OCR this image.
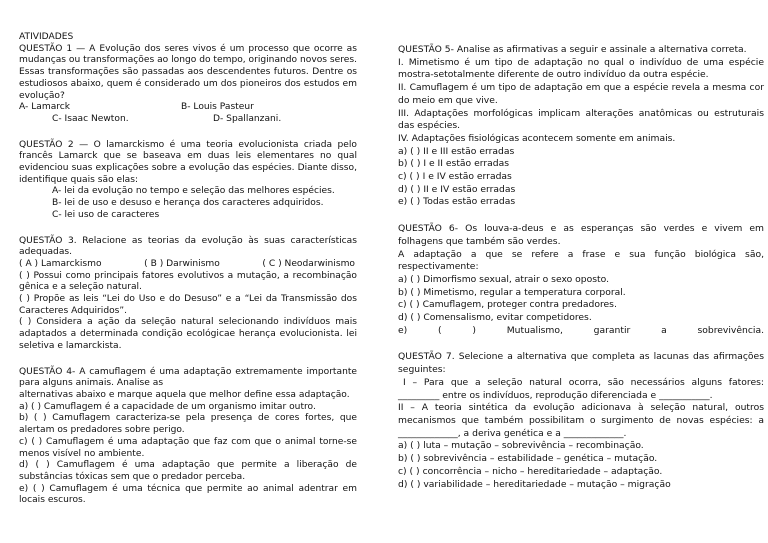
ATIVIDADES

QUESTÃO 1 — A Evolução dos seres vivos é um processo que ocorre as mudanças ou transformações ao longo do tempo, originando novos seres. Essas transformações são passadas aos descendentes futuros. Dentre os estudiosos abaixo, quem é considerado um dos pioneiros dos estudos em evolução?

A- Lamarck	B- Louis Pasteur
C- Isaac Newton.	D- Spallanzani.

QUESTÃO 2 — O lamarckismo é uma teoria evolucionista criada pelo francês Lamarck que se baseava em duas leis elementares no qual evidenciou suas explicações sobre a evolução das espécies. Diante disso, identifique quais são elas:

A- lei da evolução no tempo e seleção das melhores espécies.

B- lei de uso e desuso e herança dos caracteres adquiridos.

C- lei uso de caracteres

QUESTÃO 3. Relacione as teorias da evolução às suas características adequadas.

( A ) Lamarckismo	( B ) Darwinismo	( C ) Neodarwinismo

( ) Possui como principais fatores evolutivos a mutação, a recombinação gênica e a seleção natural.

( ) Propõe as leis “Lei do Uso e do Desuso” e a “Lei da Transmissão dos Caracteres Adquiridos”.

( ) Considera a ação da seleção natural selecionando indivíduos mais adaptados a determinada condição ecológicae herança evolucionista. lei seletiva e lamarckista.

QUESTÃO 4- A camuflagem é uma adaptação extremamente importante para alguns animais. Analise as

alternativas abaixo e marque aquela que melhor define essa adaptação.

a) ( ) Camuflagem é a capacidade de um organismo imitar outro.

b) ( ) Camuflagem caracteriza-se pela presença de cores fortes, que alertam os predadores sobre perigo.

c) ( ) Camuflagem é uma adaptação que faz com que o animal torne-se menos visível no ambiente.

d) ( ) Camuflagem é uma adaptação que permite a liberação de substâncias tóxicas sem que o predador perceba.

e) ( ) Camuflagem é uma técnica que permite ao animal adentrar em locais escuros.

QUESTÃO 5- Analise as afirmativas a seguir e assinale a alternativa correta.

I. Mimetismo é um tipo de adaptação no qual o indivíduo de uma espécie mostra-setotalmente diferente de outro indivíduo da outra espécie.

II. Camuflagem é um tipo de adaptação em que a espécie revela a mesma cor do meio em que vive.

III. Adaptações morfológicas implicam alterações anatômicas ou estruturais das espécies.

IV. Adaptações fisiológicas acontecem somente em animais.

a) ( ) II e III estão erradas

b) ( ) I e II estão erradas

c) ( ) I e IV estão erradas

d) ( ) II e IV estão erradas

e) ( ) Todas estão erradas

QUESTÃO 6- Os louva-a-deus e as esperanças são verdes e vivem em folhagens que também são verdes.

A adaptação a que se refere a frase e sua função biológica são, respectivamente:

a) ( ) Dimorfismo sexual, atrair o sexo oposto.

b) ( ) Mimetismo, regular a temperatura corporal.

c) ( ) Camuflagem, proteger contra predadores.

d) ( ) Comensalismo, evitar competidores.

e) ( ) Mutualismo, garantir a sobrevivência.

QUESTÃO 7. Selecione a alternativa que completa as lacunas das afirmações seguintes:

I – Para que a seleção natural ocorra, são necessários alguns fatores: _________ entre os indivíduos, reprodução diferenciada e ___________.

II – A teoria sintética da evolução adicionava à seleção natural, outros mecanismos que também possibilitam o surgimento de novas espécies: a _____________, a deriva genética e a _____________.

a) ( ) luta – mutação – sobrevivência – recombinação.

b) ( ) sobrevivência – estabilidade – genética – mutação.

c) ( ) concorrência – nicho – hereditariedade – adaptação.

d) ( ) variabilidade – hereditariedade – mutação – migração
